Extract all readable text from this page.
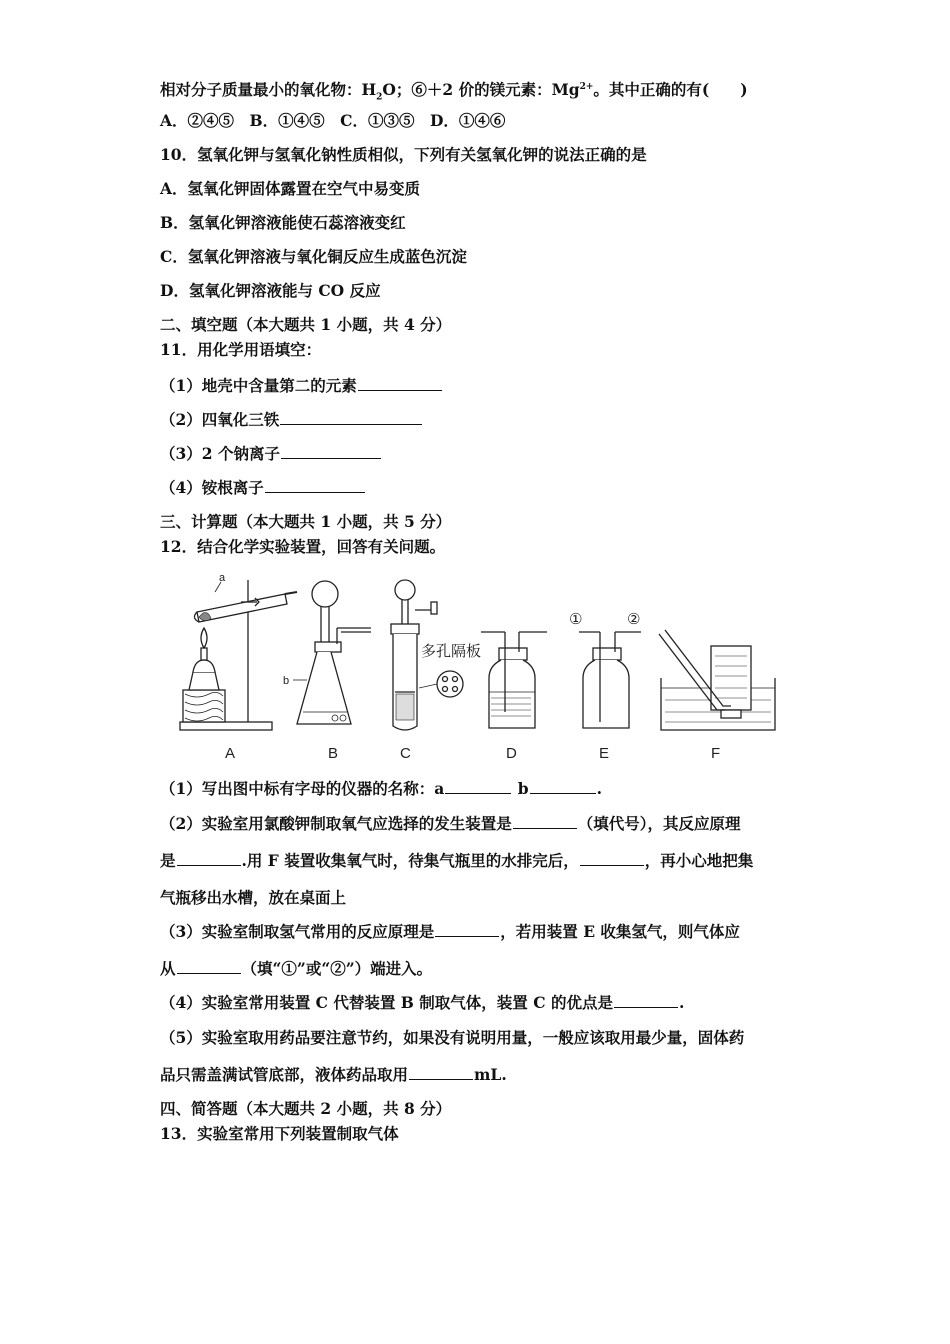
相对分子质量最小的氧化物：$H_2O$；⑥＋2 价的镁元素：$Mg^{2+}$。其中正确的有(　　)
A．②④⑤　B．①④⑤　C．①③⑤　D．①④⑥
10．氢氧化钾与氢氧化钠性质相似，下列有关氢氧化钾的说法正确的是
A．氢氧化钾固体露置在空气中易变质
B．氢氧化钾溶液能使石蕊溶液变红
C．氢氧化钾溶液与氧化铜反应生成蓝色沉淀
D．氢氧化钾溶液能与 CO 反应
二、填空题（本大题共 1 小题，共 4 分）
11．用化学用语填空：
（1）地壳中含量第二的元素
（2）四氧化三铁
（3）2 个钠离子
（4）铵根离子
三、计算题（本大题共 1 小题，共 5 分）
12．结合化学实验装置，回答有关问题。
a
b
多孔隔板
①	②
A	B	C	D	E	F
（1）写出图中标有字母的仪器的名称：a	b	.
（2）实验室用氯酸钾制取氧气应选择的发生装置是	（填代号），其反应原理
是	.用 F 装置收集氧气时，待集气瓶里的水排完后，	，再小心地把集
气瓶移出水槽，放在桌面上
（3）实验室制取氢气常用的反应原理是	，若用装置 E 收集氢气，则气体应
从	（填“①”或“②”）端进入。
（4）实验室常用装置 C 代替装置 B 制取气体，装置 C 的优点是	.
（5）实验室取用药品要注意节约，如果没有说明用量，一般应该取用最少量，固体药
品只需盖满试管底部，液体药品取用	mL.
四、简答题（本大题共 2 小题，共 8 分）
13．实验室常用下列装置制取气体
